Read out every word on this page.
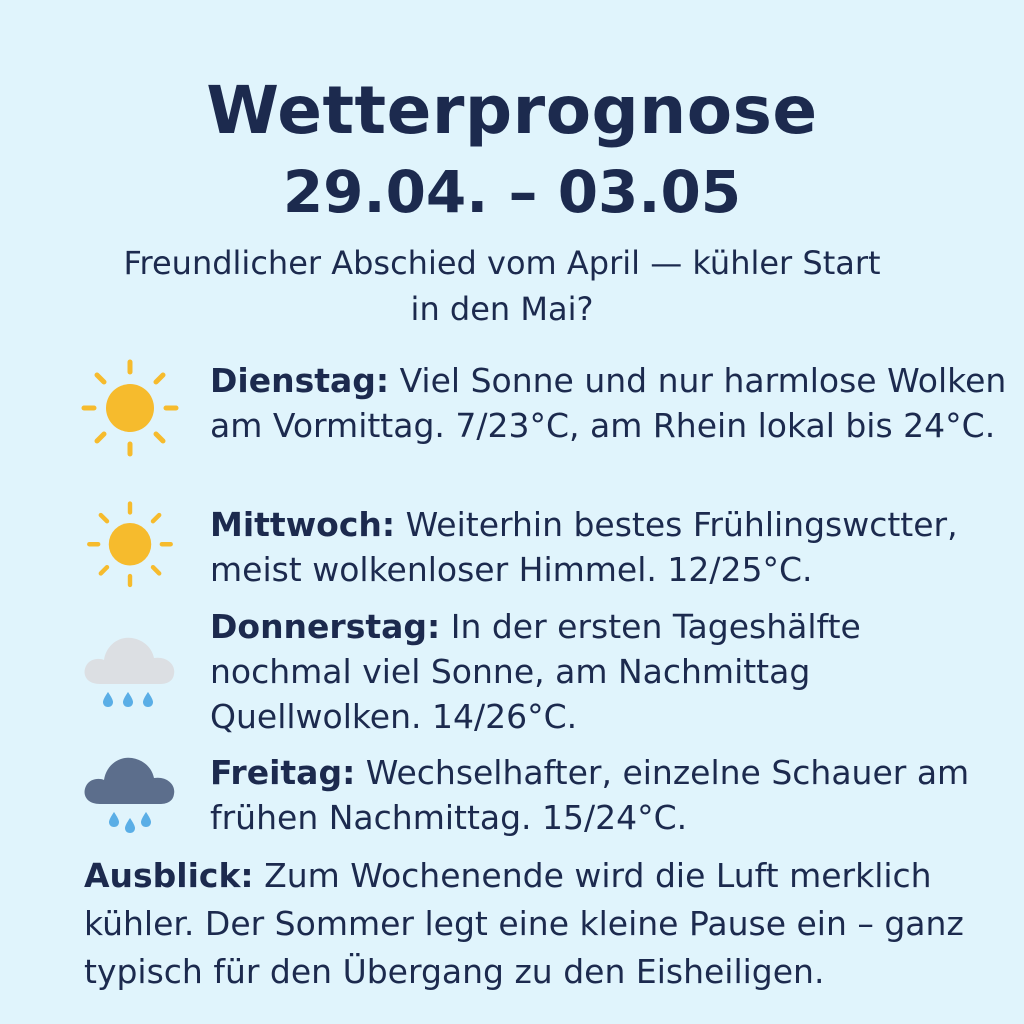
Wetterprognose
29.04. – 03.05
Freundlicher Abschied vom April — kühler Start in den Mai?
Dienstag: Viel Sonne und nur harmlose Wolken am Vormittag. 7/23°C, am Rhein lokal bis 24°C.
Mittwoch: Weiterhin bestes Frühlingswctter, meist wolkenloser Himmel. 12/25°C.
Donnerstag: In der ersten Tageshälfte nochmal viel Sonne, am Nachmittag Quellwolken. 14/26°C.
Freitag: Wechselhafter, einzelne Schauer am frühen Nachmittag. 15/24°C.
Ausblick: Zum Wochenende wird die Luft merklich kühler. Der Sommer legt eine kleine Pause ein – ganz typisch für den Übergang zu den Eisheiligen.
